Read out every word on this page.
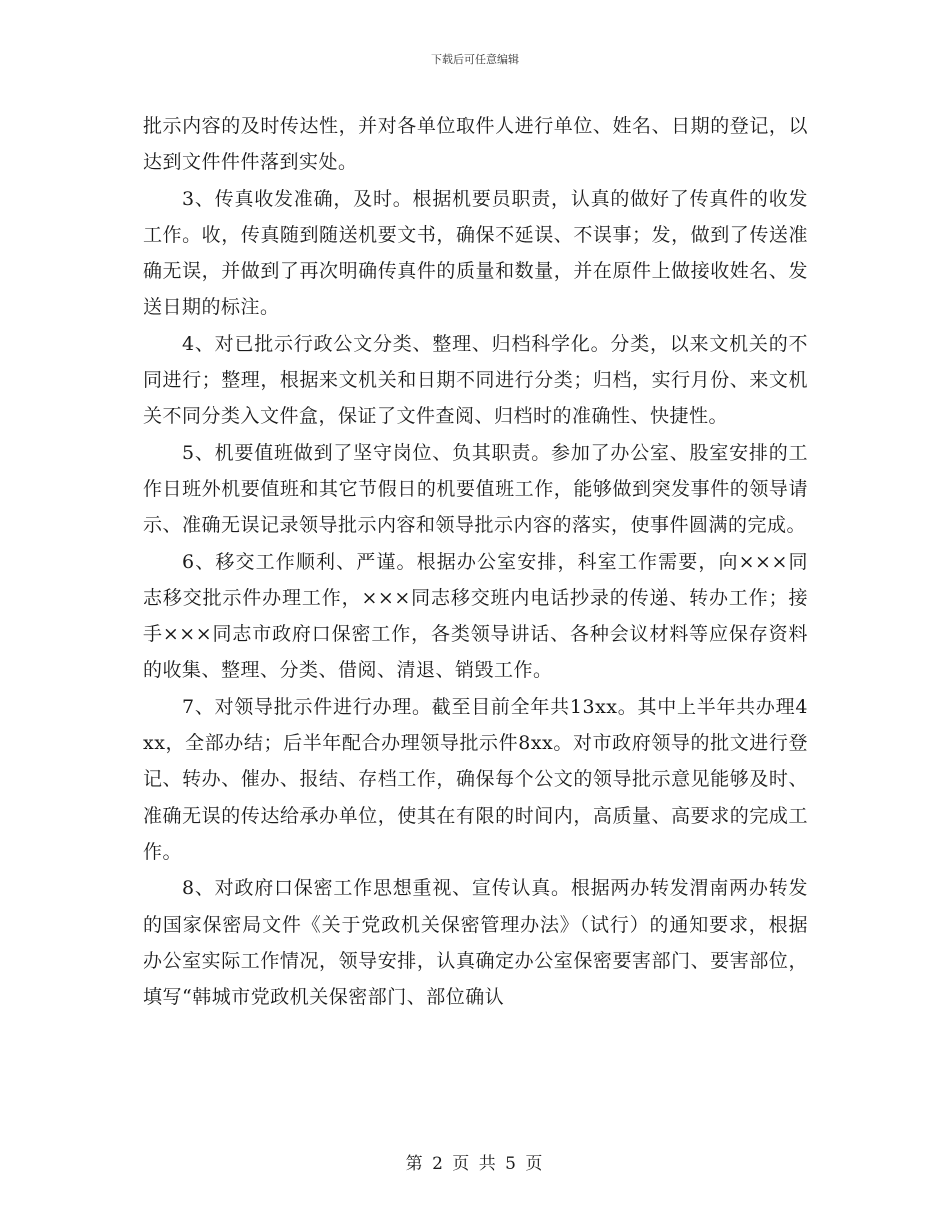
下载后可任意编辑

批示内容的及时传达性，并对各单位取件人进行单位、姓名、日期的登记，以达到文件件件落到实处。

3、传真收发准确，及时。根据机要员职责，认真的做好了传真件的收发工作。收，传真随到随送机要文书，确保不延误、不误事；发，做到了传送准确无误，并做到了再次明确传真件的质量和数量，并在原件上做接收姓名、发送日期的标注。

4、对已批示行政公文分类、整理、归档科学化。分类，以来文机关的不同进行；整理，根据来文机关和日期不同进行分类；归档，实行月份、来文机关不同分类入文件盒，保证了文件查阅、归档时的准确性、快捷性。

5、机要值班做到了坚守岗位、负其职责。参加了办公室、股室安排的工作日班外机要值班和其它节假日的机要值班工作，能够做到突发事件的领导请示、准确无误记录领导批示内容和领导批示内容的落实，使事件圆满的完成。

6、移交工作顺利、严谨。根据办公室安排，科室工作需要，向×××同志移交批示件办理工作，×××同志移交班内电话抄录的传递、转办工作；接手×××同志市政府口保密工作，各类领导讲话、各种会议材料等应保存资料的收集、整理、分类、借阅、清退、销毁工作。

7、对领导批示件进行办理。截至目前全年共13xx。其中上半年共办理4xx，全部办结；后半年配合办理领导批示件8xx。对市政府领导的批文进行登记、转办、催办、报结、存档工作，确保每个公文的领导批示意见能够及时、准确无误的传达给承办单位，使其在有限的时间内，高质量、高要求的完成工作。

8、对政府口保密工作思想重视、宣传认真。根据两办转发渭南两办转发的国家保密局文件《关于党政机关保密管理办法》（试行）的通知要求，根据办公室实际工作情况，领导安排，认真确定办公室保密要害部门、要害部位，填写“韩城市党政机关保密部门、部位确认

第 2 页 共 5 页
